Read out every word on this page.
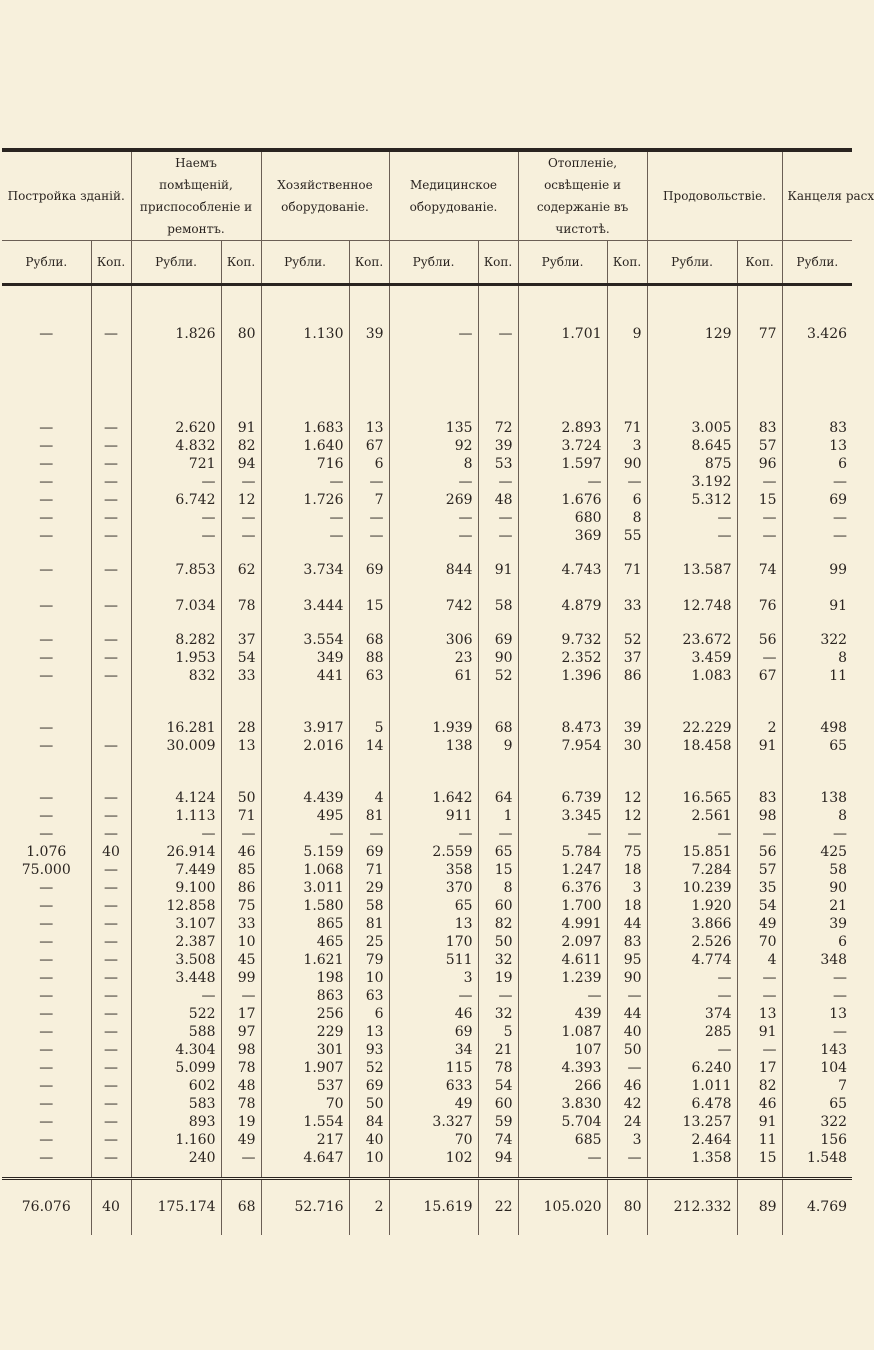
Постройка зданій.		Наемъ помѣщеній, приспособленіе и ремонтъ.		Хозяйственное оборудованіе.		Медицинское оборудованіе.		Отопленіе, освѣщеніе и содержаніе въ чистотѣ.		Продовольствіе.		Канцеля расх
Рубли.	Коп.	Рубли.	Коп.	Рубли.	Коп.	Рубли.	Коп.	Рубли.	Коп.	Рубли.	Коп.	Рубли.

—	—	1.826	80	1.130	39	—	—	1.701	9	129	77	3.426

—	—	2.620	91	1.683	13	135	72	2.893	71	3.005	83	83
—	—	4.832	82	1.640	67	92	39	3.724	3	8.645	57	13
—	—	721	94	716	6	8	53	1.597	90	875	96	6
—	—	—	—	—	—	—	—	—	—	3.192	—	—
—	—	6.742	12	1.726	7	269	48	1.676	6	5.312	15	69
—	—	—	—	—	—	—	—	680	8	—	—	—
—	—	—	—	—	—	—	—	369	55	—	—	—

—	—	7.853	62	3.734	69	844	91	4.743	71	13.587	74	99

—	—	7.034	78	3.444	15	742	58	4.879	33	12.748	76	91

—	—	8.282	37	3.554	68	306	69	9.732	52	23.672	56	322
—	—	1.953	54	349	88	23	90	2.352	37	3.459	—	8
—	—	832	33	441	63	61	52	1.396	86	1.083	67	11

—		16.281	28	3.917	5	1.939	68	8.473	39	22.229	2	498
—	—	30.009	13	2.016	14	138	9	7.954	30	18.458	91	65

—	—	4.124	50	4.439	4	1.642	64	6.739	12	16.565	83	138
—	—	1.113	71	495	81	911	1	3.345	12	2.561	98	8
—	—	—	—	—	—	—	—	—	—	—	—	—
1.076	40	26.914	46	5.159	69	2.559	65	5.784	75	15.851	56	425
75.000	—	7.449	85	1.068	71	358	15	1.247	18	7.284	57	58
—	—	9.100	86	3.011	29	370	8	6.376	3	10.239	35	90
—	—	12.858	75	1.580	58	65	60	1.700	18	1.920	54	21
—	—	3.107	33	865	81	13	82	4.991	44	3.866	49	39
—	—	2.387	10	465	25	170	50	2.097	83	2.526	70	6
—	—	3.508	45	1.621	79	511	32	4.611	95	4.774	4	348
—	—	3.448	99	198	10	3	19	1.239	90	—	—	—
—	—	—	—	863	63	—	—	—	—	—	—	—
—	—	522	17	256	6	46	32	439	44	374	13	13
—	—	588	97	229	13	69	5	1.087	40	285	91	—
—	—	4.304	98	301	93	34	21	107	50	—	—	143
—	—	5.099	78	1.907	52	115	78	4.393	—	6.240	17	104
—	—	602	48	537	69	633	54	266	46	1.011	82	7
—	—	583	78	70	50	49	60	3.830	42	6.478	46	65
—	—	893	19	1.554	84	3.327	59	5.704	24	13.257	91	322
—	—	1.160	49	217	40	70	74	685	3	2.464	11	156
—	—	240	—	4.647	10	102	94	—	—	1.358	15	1.548

76.076	40	175.174	68	52.716	2	15.619	22	105.020	80	212.332	89	4.769
